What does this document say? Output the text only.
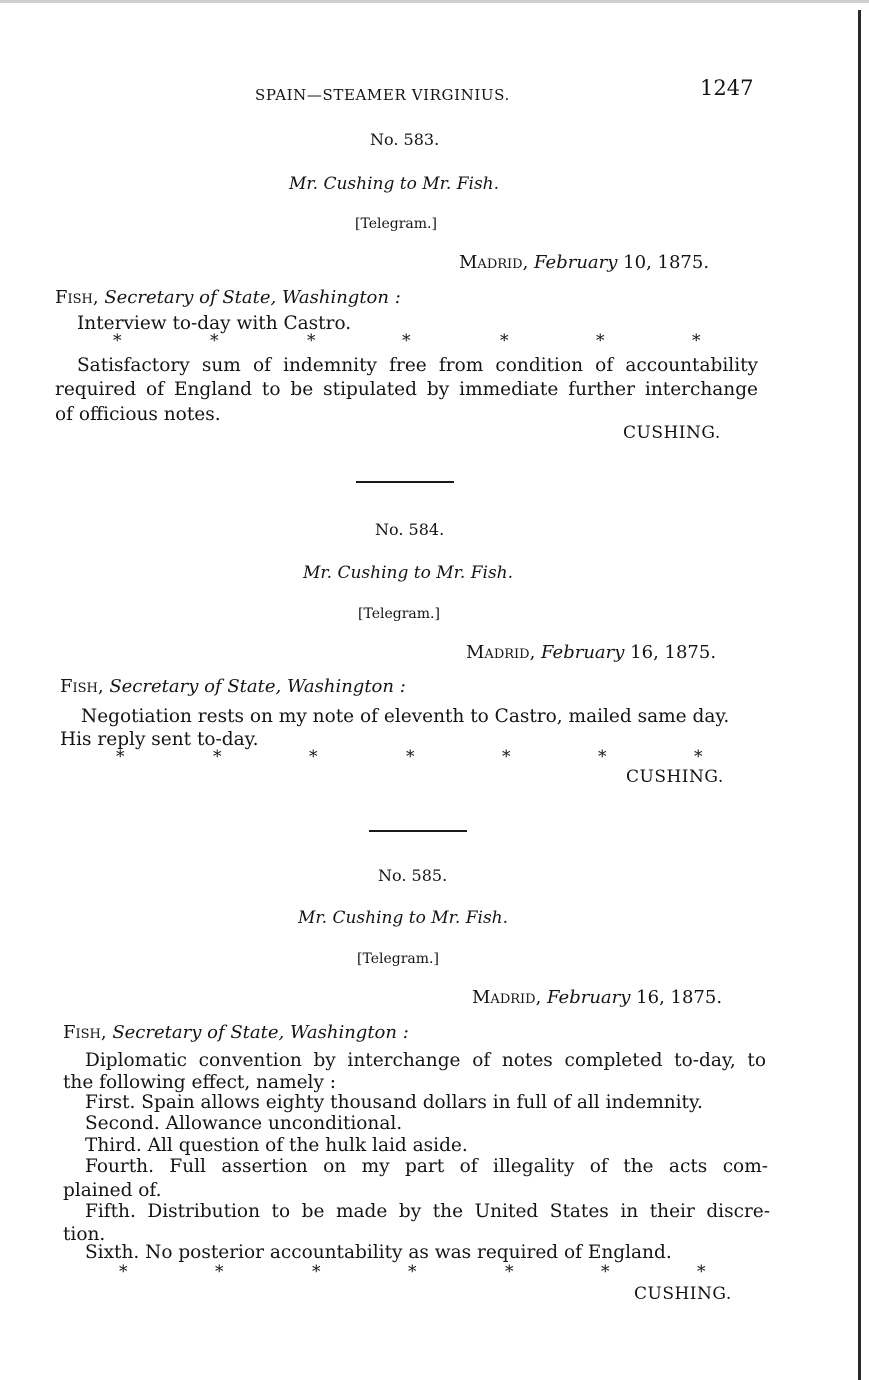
SPAIN—STEAMER VIRGINIUS.	1247
No. 583.
Mr. Cushing to Mr. Fish.
[Telegram.]
Madrid, February 10, 1875.
Fish, Secretary of State, Washington :
Interview to-day with Castro.
*	*	*	*	*	*	*
Satisfactory sum of indemnity free from condition of accountability
required of England to be stipulated by immediate further interchange
of officious notes.
CUSHING.
No. 584.
Mr. Cushing to Mr. Fish.
[Telegram.]
Madrid, February 16, 1875.
Fish, Secretary of State, Washington :
Negotiation rests on my note of eleventh to Castro, mailed same day.
His reply sent to-day.
*	*	*	*	*	*	*
CUSHING.
No. 585.
Mr. Cushing to Mr. Fish.
[Telegram.]
Madrid, February 16, 1875.
Fish, Secretary of State, Washington :
Diplomatic convention by interchange of notes completed to-day, to
the following effect, namely :
First. Spain allows eighty thousand dollars in full of all indemnity.
Second. Allowance unconditional.
Third. All question of the hulk laid aside.
Fourth. Full assertion on my part of illegality of the acts com-
plained of.
Fifth. Distribution to be made by the United States in their discre-
tion.
Sixth. No posterior accountability as was required of England.
*	*	*	*	*	*	*
CUSHING.
